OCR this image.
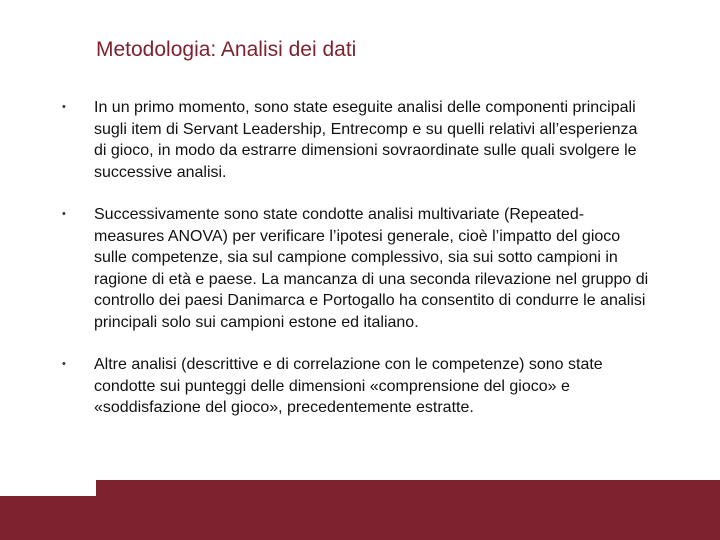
Metodologia: Analisi dei dati
• In un primo momento, sono state eseguite analisi delle componenti principali sugli item di Servant Leadership, Entrecomp e su quelli relativi all’esperienza di gioco, in modo da estrarre dimensioni sovraordinate sulle quali svolgere le successive analisi.
• Successivamente sono state condotte analisi multivariate (Repeated-measures ANOVA) per verificare l’ipotesi generale, cioè l’impatto del gioco sulle competenze, sia sul campione complessivo, sia sui sotto campioni in ragione di età e paese. La mancanza di una seconda rilevazione nel gruppo di controllo dei paesi Danimarca e Portogallo ha consentito di condurre le analisi principali solo sui campioni estone ed italiano.
• Altre analisi (descrittive e di correlazione con le competenze) sono state condotte sui punteggi delle dimensioni «comprensione del gioco» e «soddisfazione del gioco», precedentemente estratte.
